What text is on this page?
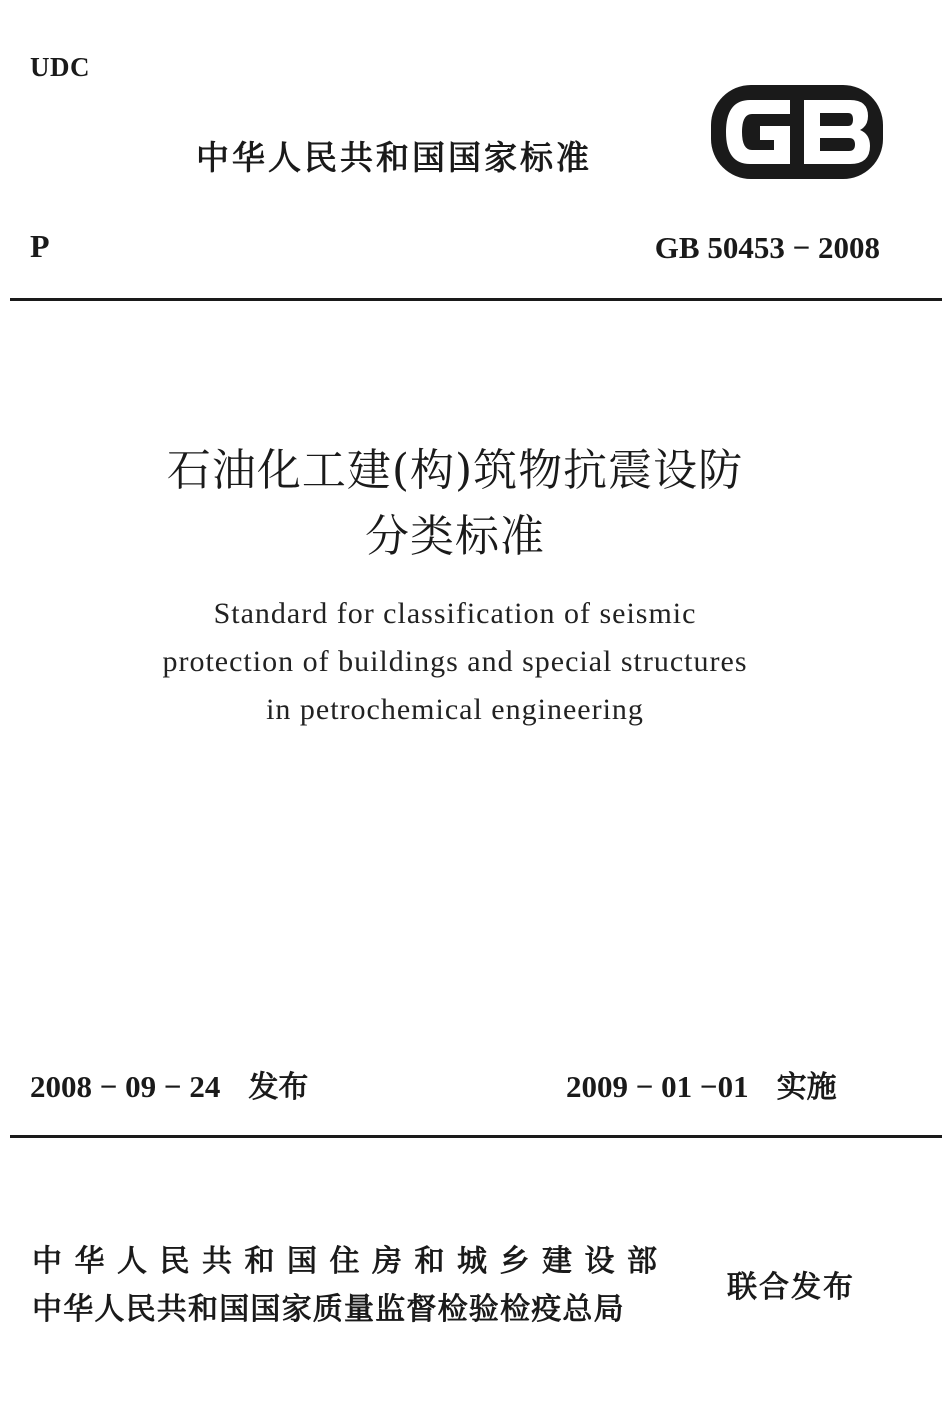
UDC
中华人民共和国国家标准
P	GB 50453 − 2008
石油化工建(构)筑物抗震设防
分类标准
Standard for classification of seismic
protection of buildings and special structures
in petrochemical engineering
2008 − 09 − 24 发布	2009 − 01 −01 实施
中华人民共和国住房和城乡建设部
中华人民共和国国家质量监督检验检疫总局
联合发布
